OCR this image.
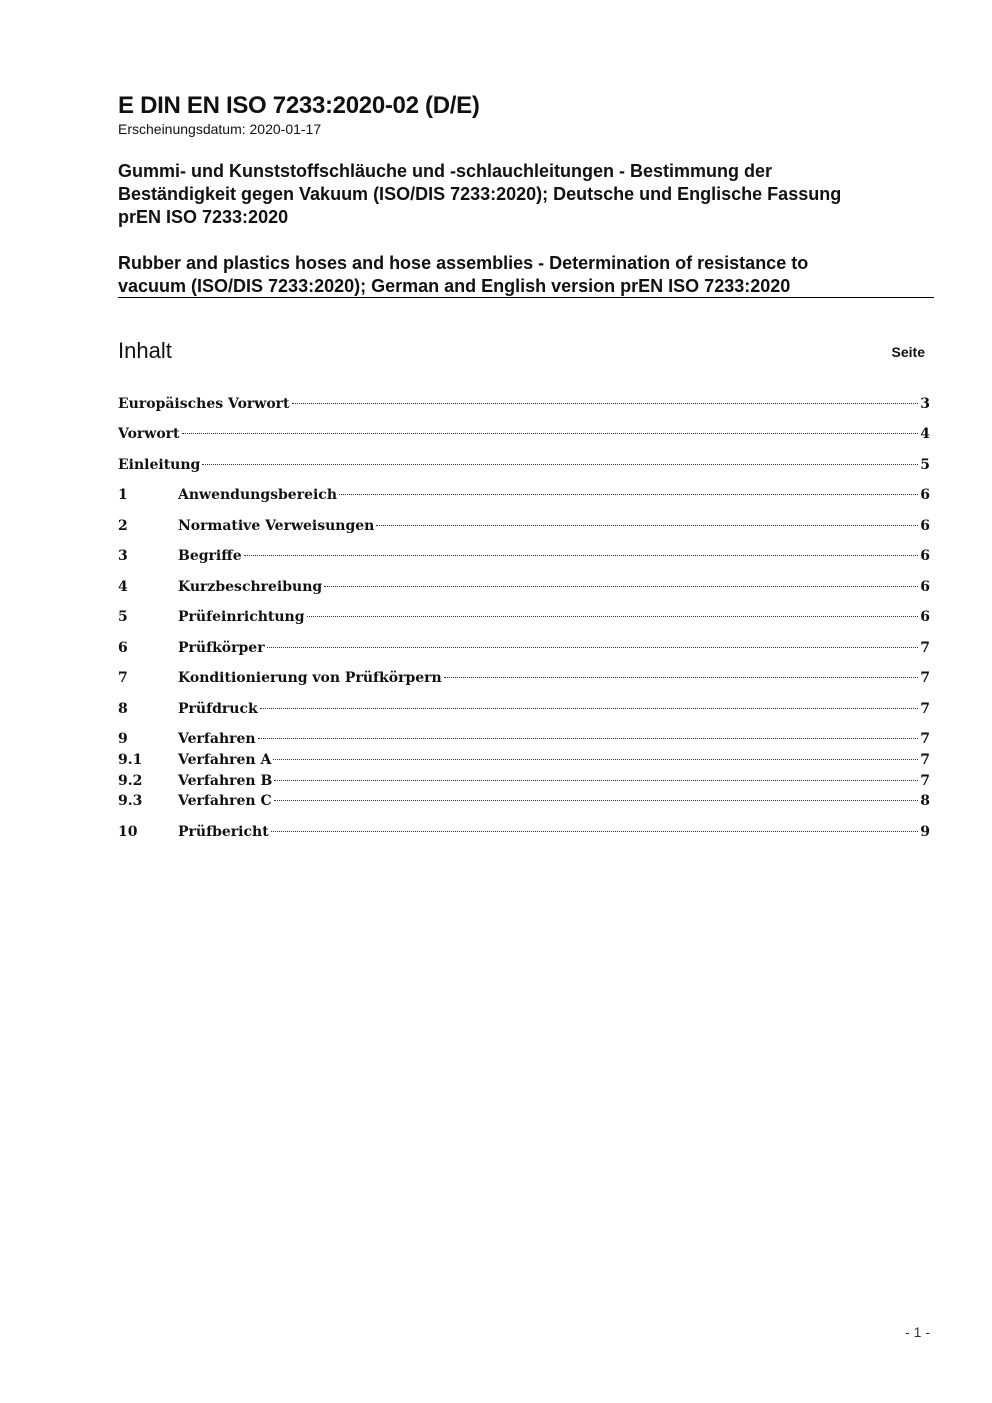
E DIN EN ISO 7233:2020-02 (D/E)
Erscheinungsdatum: 2020-01-17
Gummi- und Kunststoffschläuche und -schlauchleitungen - Bestimmung der
Beständigkeit gegen Vakuum (ISO/DIS 7233:2020); Deutsche und Englische Fassung
prEN ISO 7233:2020
Rubber and plastics hoses and hose assemblies - Determination of resistance to
vacuum (ISO/DIS 7233:2020); German and English version prEN ISO 7233:2020
Inhalt	Seite
Europäisches Vorwort	3
Vorwort	4
Einleitung	5
1	Anwendungsbereich	6
2	Normative Verweisungen	6
3	Begriffe	6
4	Kurzbeschreibung	6
5	Prüfeinrichtung	6
6	Prüfkörper	7
7	Konditionierung von Prüfkörpern	7
8	Prüfdruck	7
9	Verfahren	7
9.1	Verfahren A	7
9.2	Verfahren B	7
9.3	Verfahren C	8
10	Prüfbericht	9
- 1 -
